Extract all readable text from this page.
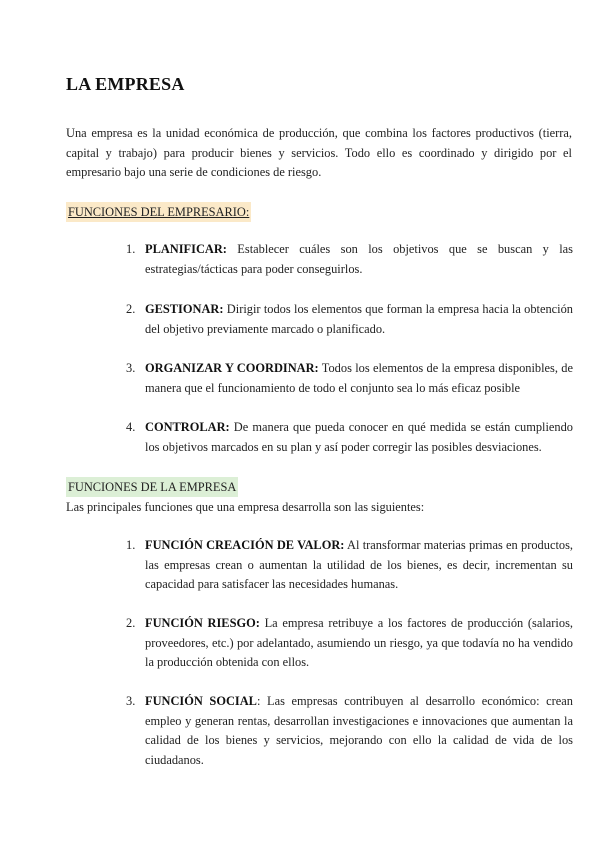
LA EMPRESA

Una empresa es la unidad económica de producción, que combina los factores productivos (tierra, capital y trabajo) para producir bienes y servicios. Todo ello es coordinado y dirigido por el empresario bajo una serie de condiciones de riesgo.

FUNCIONES DEL EMPRESARIO:

1. PLANIFICAR: Establecer cuáles son los objetivos que se buscan y las estrategias/tácticas para poder conseguirlos.

2. GESTIONAR: Dirigir todos los elementos que forman la empresa hacia la obtención del objetivo previamente marcado o planificado.

3. ORGANIZAR Y COORDINAR: Todos los elementos de la empresa disponibles, de manera que el funcionamiento de todo el conjunto sea lo más eficaz posible

4. CONTROLAR: De manera que pueda conocer en qué medida se están cumpliendo los objetivos marcados en su plan y así poder corregir las posibles desviaciones.

FUNCIONES DE LA EMPRESA

Las principales funciones que una empresa desarrolla son las siguientes:

1. FUNCIÓN CREACIÓN DE VALOR: Al transformar materias primas en productos, las empresas crean o aumentan la utilidad de los bienes, es decir, incrementan su capacidad para satisfacer las necesidades humanas.

2. FUNCIÓN RIESGO: La empresa retribuye a los factores de producción (salarios, proveedores, etc.) por adelantado, asumiendo un riesgo, ya que todavía no ha vendido la producción obtenida con ellos.

3. FUNCIÓN SOCIAL: Las empresas contribuyen al desarrollo económico: crean empleo y generan rentas, desarrollan investigaciones e innovaciones que aumentan la calidad de los bienes y servicios, mejorando con ello la calidad de vida de los ciudadanos.
